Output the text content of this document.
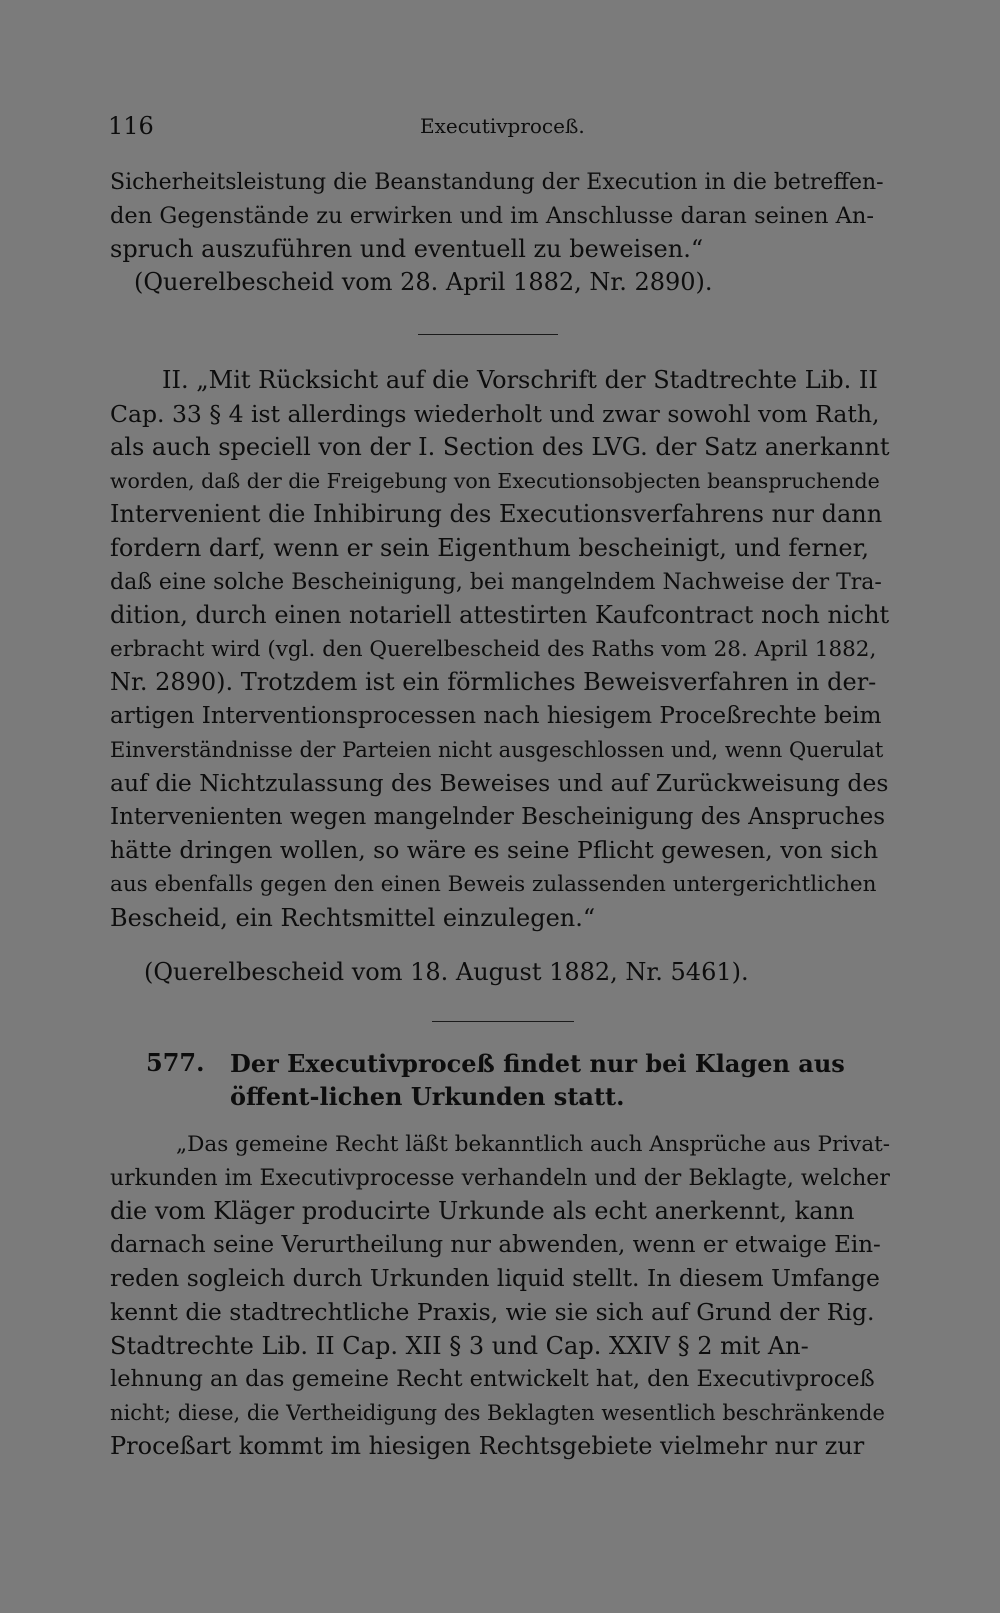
116	Executivproceß.
Sicherheitsleistung die Beanstandung der Execution in die betreffen-
den Gegenstände zu erwirken und im Anschlusse daran seinen An-
spruch auszuführen und eventuell zu beweisen.“
(Querelbescheid vom 28. April 1882, Nr. 2890).
II. „Mit Rücksicht auf die Vorschrift der Stadtrechte Lib. II
Cap. 33 § 4 ist allerdings wiederholt und zwar sowohl vom Rath,
als auch speciell von der I. Section des LVG. der Satz anerkannt
worden, daß der die Freigebung von Executionsobjecten beanspruchende
Intervenient die Inhibirung des Executionsverfahrens nur dann
fordern darf, wenn er sein Eigenthum bescheinigt, und ferner,
daß eine solche Bescheinigung, bei mangelndem Nachweise der Tra-
dition, durch einen notariell attestirten Kaufcontract noch nicht
erbracht wird (vgl. den Querelbescheid des Raths vom 28. April 1882,
Nr. 2890). Trotzdem ist ein förmliches Beweisverfahren in der-
artigen Interventionsprocessen nach hiesigem Proceßrechte beim
Einverständnisse der Parteien nicht ausgeschlossen und, wenn Querulat
auf die Nichtzulassung des Beweises und auf Zurückweisung des
Intervenienten wegen mangelnder Bescheinigung des Anspruches
hätte dringen wollen, so wäre es seine Pflicht gewesen, von sich
aus ebenfalls gegen den einen Beweis zulassenden untergerichtlichen
Bescheid, ein Rechtsmittel einzulegen.“
(Querelbescheid vom 18. August 1882, Nr. 5461).
577. Der Executivproceß findet nur bei Klagen aus öffent-lichen Urkunden statt.
„Das gemeine Recht läßt bekanntlich auch Ansprüche aus Privat-
urkunden im Executivprocesse verhandeln und der Beklagte, welcher
die vom Kläger producirte Urkunde als echt anerkennt, kann
darnach seine Verurtheilung nur abwenden, wenn er etwaige Ein-
reden sogleich durch Urkunden liquid stellt. In diesem Umfange
kennt die stadtrechtliche Praxis, wie sie sich auf Grund der Rig.
Stadtrechte Lib. II Cap. XII § 3 und Cap. XXIV § 2 mit An-
lehnung an das gemeine Recht entwickelt hat, den Executivproceß
nicht; diese, die Vertheidigung des Beklagten wesentlich beschränkende
Proceßart kommt im hiesigen Rechtsgebiete vielmehr nur zur
